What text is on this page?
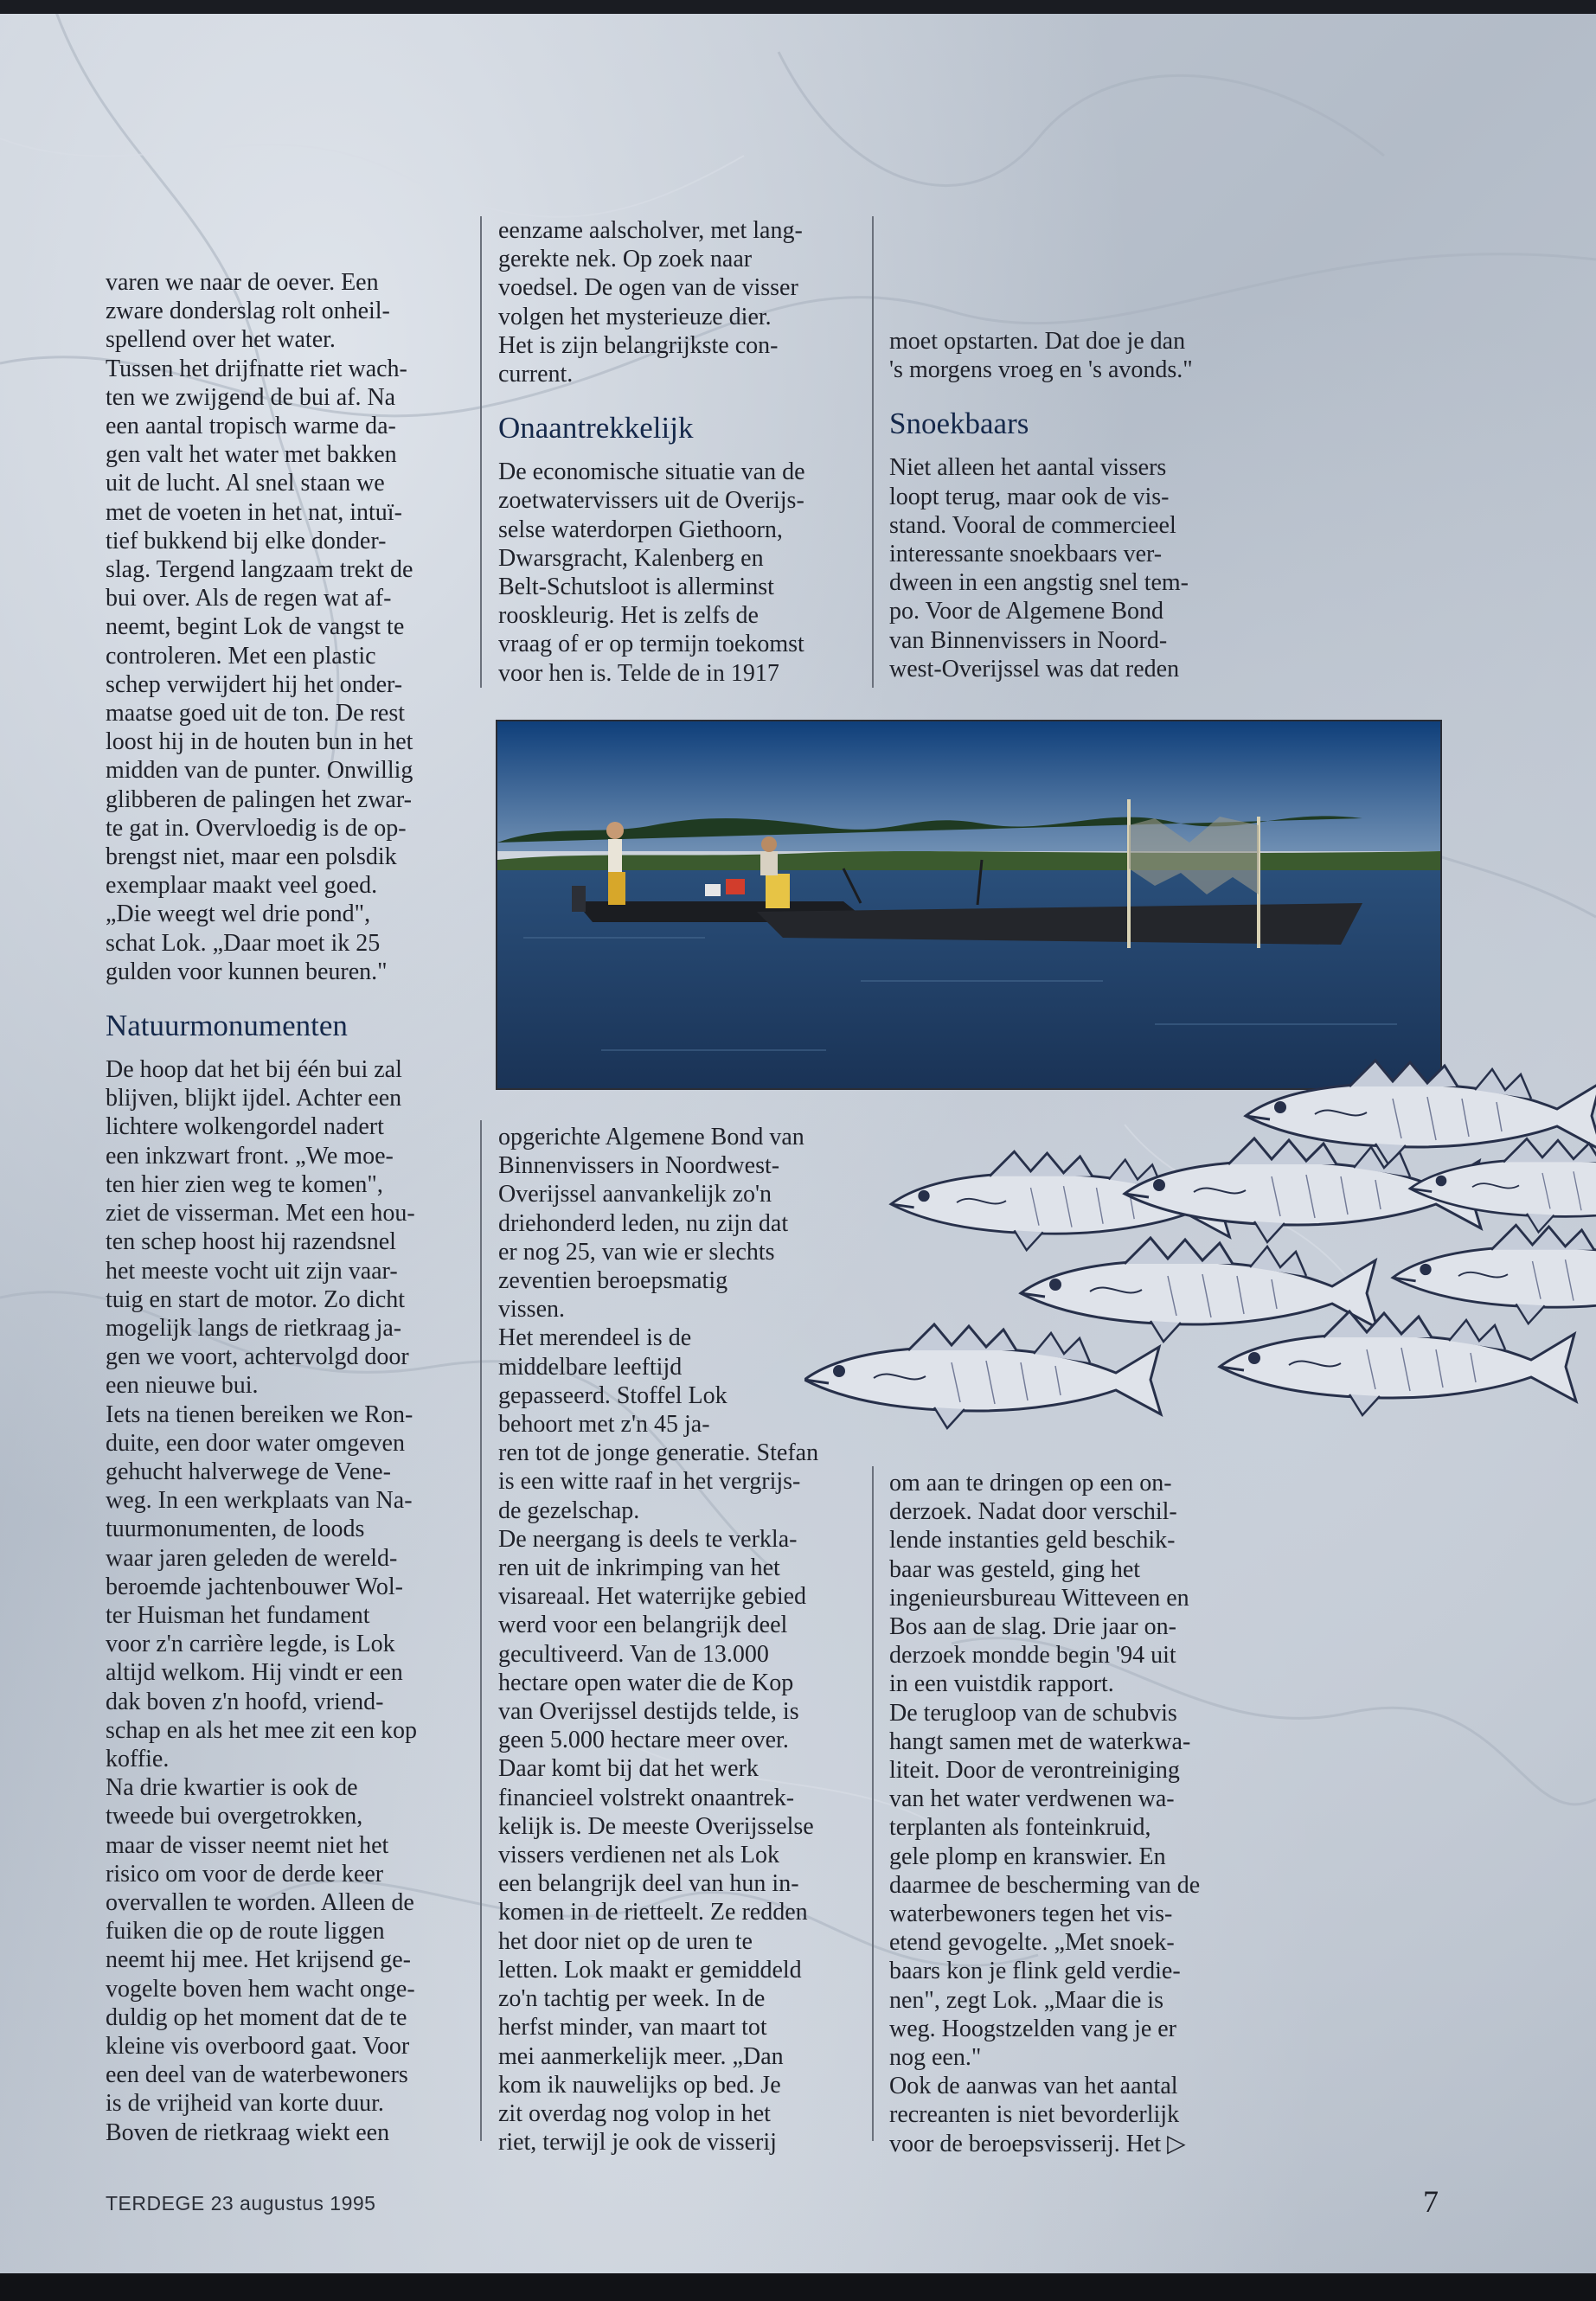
varen we naar de oever. Een
zware donderslag rolt onheil-
spellend over het water.
Tussen het drijfnatte riet wach-
ten we zwijgend de bui af. Na
een aantal tropisch warme da-
gen valt het water met bakken
uit de lucht. Al snel staan we
met de voeten in het nat, intuï-
tief bukkend bij elke donder-
slag. Tergend langzaam trekt de
bui over. Als de regen wat af-
neemt, begint Lok de vangst te
controleren. Met een plastic
schep verwijdert hij het onder-
maatse goed uit de ton. De rest
loost hij in de houten bun in het
midden van de punter. Onwillig
glibberen de palingen het zwar-
te gat in. Overvloedig is de op-
brengst niet, maar een polsdik
exemplaar maakt veel goed.
„Die weegt wel drie pond",
schat Lok. „Daar moet ik 25
gulden voor kunnen beuren."

Natuurmonumenten

De hoop dat het bij één bui zal
blijven, blijkt ijdel. Achter een
lichtere wolkengordel nadert
een inkzwart front. „We moe-
ten hier zien weg te komen",
ziet de visserman. Met een hou-
ten schep hoost hij razendsnel
het meeste vocht uit zijn vaar-
tuig en start de motor. Zo dicht
mogelijk langs de rietkraag ja-
gen we voort, achtervolgd door
een nieuwe bui.

Iets na tienen bereiken we Ron-
duite, een door water omgeven
gehucht halverwege de Vene-
weg. In een werkplaats van Na-
tuurmonumenten, de loods
waar jaren geleden de wereld-
beroemde jachtenbouwer Wol-
ter Huisman het fundament
voor z'n carrière legde, is Lok
altijd welkom. Hij vindt er een
dak boven z'n hoofd, vriend-
schap en als het mee zit een kop
koffie.

Na drie kwartier is ook de
tweede bui overgetrokken,
maar de visser neemt niet het
risico om voor de derde keer
overvallen te worden. Alleen de
fuiken die op de route liggen
neemt hij mee. Het krijsend ge-
vogelte boven hem wacht onge-
duldig op het moment dat de te
kleine vis overboord gaat. Voor
een deel van de waterbewoners
is de vrijheid van korte duur.
Boven de rietkraag wiekt een

eenzame aalscholver, met lang-
gerekte nek. Op zoek naar
voedsel. De ogen van de visser
volgen het mysterieuze dier.
Het is zijn belangrijkste con-
current.

Onaantrekkelijk

De economische situatie van de
zoetwatervissers uit de Overijs-
selse waterdorpen Giethoorn,
Dwarsgracht, Kalenberg en
Belt-Schutsloot is allerminst
rooskleurig. Het is zelfs de
vraag of er op termijn toekomst
voor hen is. Telde de in 1917

moet opstarten. Dat doe je dan
's morgens vroeg en 's avonds."

Snoekbaars

Niet alleen het aantal vissers
loopt terug, maar ook de vis-
stand. Vooral de commercieel
interessante snoekbaars ver-
dween in een angstig snel tem-
po. Voor de Algemene Bond
van Binnenvissers in Noord-
west-Overijssel was dat reden

opgerichte Algemene Bond van
Binnenvissers in Noordwest-
Overijssel aanvankelijk zo'n
driehonderd leden, nu zijn dat
er nog 25, van wie er slechts
zeventien beroepsmatig
vissen.

Het merendeel is de
middelbare leeftijd
gepasseerd. Stoffel Lok
behoort met z'n 45 ja-
ren tot de jonge generatie. Stefan
is een witte raaf in het vergrijs-
de gezelschap.

De neergang is deels te verkla-
ren uit de inkrimping van het
visareaal. Het waterrijke gebied
werd voor een belangrijk deel
gecultiveerd. Van de 13.000
hectare open water die de Kop
van Overijssel destijds telde, is
geen 5.000 hectare meer over.
Daar komt bij dat het werk
financieel volstrekt onaantrek-
kelijk is. De meeste Overijsselse
vissers verdienen net als Lok
een belangrijk deel van hun in-
komen in de rietteelt. Ze redden
het door niet op de uren te
letten. Lok maakt er gemiddeld
zo'n tachtig per week. In de
herfst minder, van maart tot
mei aanmerkelijk meer. „Dan
kom ik nauwelijks op bed. Je
zit overdag nog volop in het
riet, terwijl je ook de visserij

om aan te dringen op een on-
derzoek. Nadat door verschil-
lende instanties geld beschik-
baar was gesteld, ging het
ingenieursbureau Witteveen en
Bos aan de slag. Drie jaar on-
derzoek mondde begin '94 uit
in een vuistdik rapport.

De terugloop van de schubvis
hangt samen met de waterkwa-
liteit. Door de verontreiniging
van het water verdwenen wa-
terplanten als fonteinkruid,
gele plomp en kranswier. En
daarmee de bescherming van de
waterbewoners tegen het vis-
etend gevogelte. „Met snoek-
baars kon je flink geld verdie-
nen", zegt Lok. „Maar die is
weg. Hoogstzelden vang je er
nog een."

Ook de aanwas van het aantal
recreanten is niet bevorderlijk
voor de beroepsvisserij. Het ▷

TERDEGE 23 augustus 1995	7
